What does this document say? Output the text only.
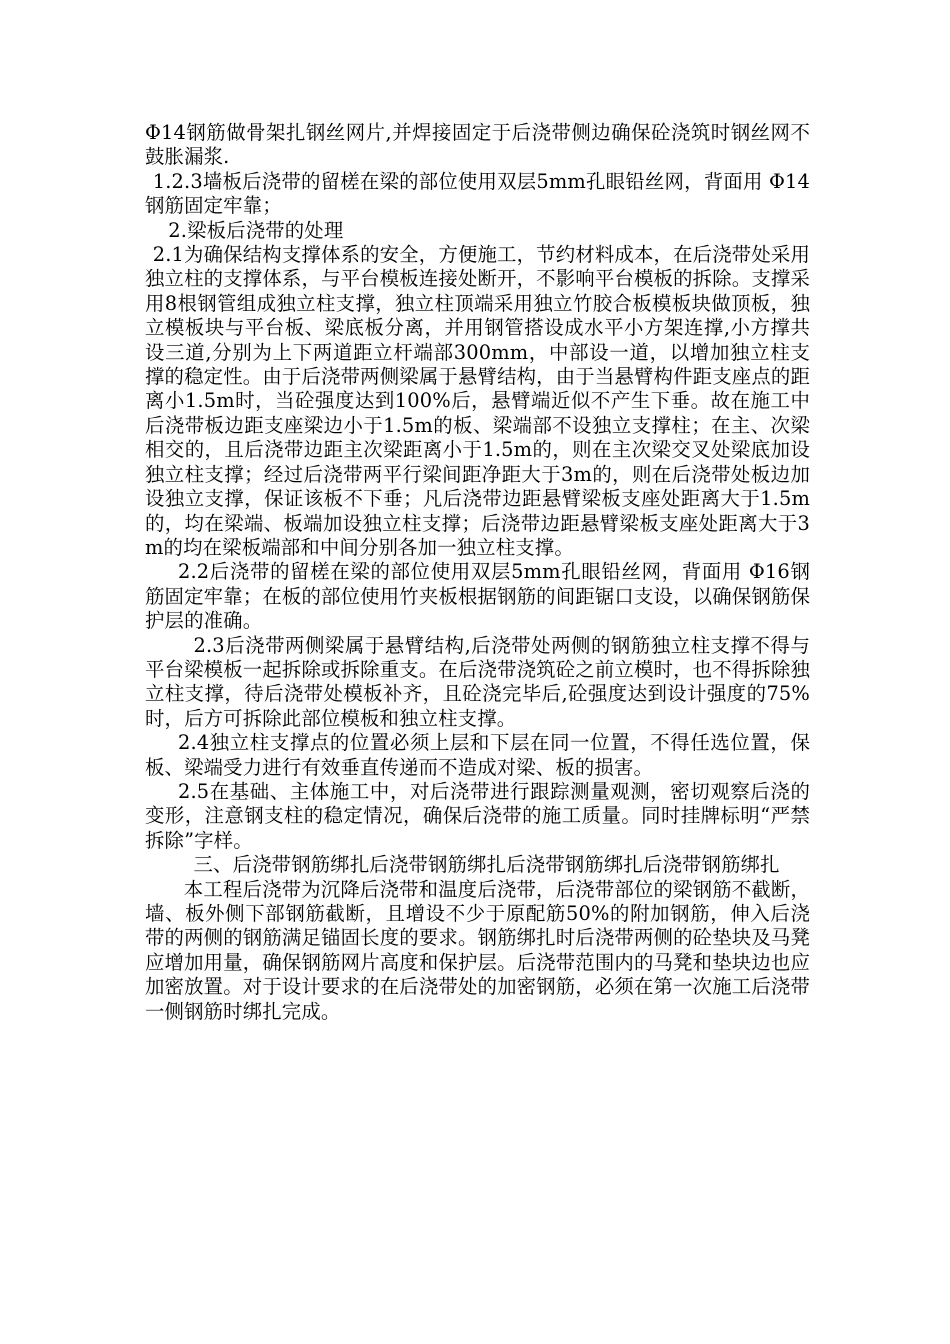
Φ14钢筋做骨架扎钢丝网片,并焊接固定于后浇带侧边确保砼浇筑时钢丝网不鼓胀漏浆.

1.2.3墙板后浇带的留槎在梁的部位使用双层5mm孔眼铅丝网，背面用 Φ14钢筋固定牢靠；

2.梁板后浇带的处理

2.1为确保结构支撑体系的安全，方便施工，节约材料成本，在后浇带处采用独立柱的支撑体系，与平台模板连接处断开，不影响平台模板的拆除。支撑采用8根钢管组成独立柱支撑，独立柱顶端采用独立竹胶合板模板块做顶板，独立模板块与平台板、梁底板分离，并用钢管搭设成水平小方架连撑,小方撑共设三道,分别为上下两道距立杆端部300mm，中部设一道，以增加独立柱支撑的稳定性。由于后浇带两侧梁属于悬臂结构，由于当悬臂构件距支座点的距离小1.5m时，当砼强度达到100%后，悬臂端近似不产生下垂。故在施工中后浇带板边距支座梁边小于1.5m的板、梁端部不设独立支撑柱；在主、次梁相交的，且后浇带边距主次梁距离小于1.5m的，则在主次梁交叉处梁底加设独立柱支撑；经过后浇带两平行梁间距净距大于3m的，则在后浇带处板边加设独立支撑，保证该板不下垂；凡后浇带边距悬臂梁板支座处距离大于1.5m的，均在梁端、板端加设独立柱支撑；后浇带边距悬臂梁板支座处距离大于3m的均在梁板端部和中间分别各加一独立柱支撑。

2.2后浇带的留槎在梁的部位使用双层5mm孔眼铅丝网，背面用 Φ16钢筋固定牢靠；在板的部位使用竹夹板根据钢筋的间距锯口支设，以确保钢筋保护层的准确。

2.3后浇带两侧梁属于悬臂结构,后浇带处两侧的钢筋独立柱支撑不得与平台梁模板一起拆除或拆除重支。在后浇带浇筑砼之前立模时，也不得拆除独立柱支撑，待后浇带处模板补齐，且砼浇完毕后,砼强度达到设计强度的75%时，后方可拆除此部位模板和独立柱支撑。

2.4独立柱支撑点的位置必须上层和下层在同一位置，不得任选位置，保板、梁端受力进行有效垂直传递而不造成对梁、板的损害。

2.5在基础、主体施工中，对后浇带进行跟踪测量观测，密切观察后浇的变形，注意钢支柱的稳定情况，确保后浇带的施工质量。同时挂牌标明“严禁拆除”字样。

三、后浇带钢筋绑扎后浇带钢筋绑扎后浇带钢筋绑扎后浇带钢筋绑扎

本工程后浇带为沉降后浇带和温度后浇带，后浇带部位的梁钢筋不截断，墙、板外侧下部钢筋截断，且增设不少于原配筋50%的附加钢筋，伸入后浇带的两侧的钢筋满足锚固长度的要求。钢筋绑扎时后浇带两侧的砼垫块及马凳应增加用量，确保钢筋网片高度和保护层。后浇带范围内的马凳和垫块边也应加密放置。对于设计要求的在后浇带处的加密钢筋，必须在第一次施工后浇带一侧钢筋时绑扎完成。
